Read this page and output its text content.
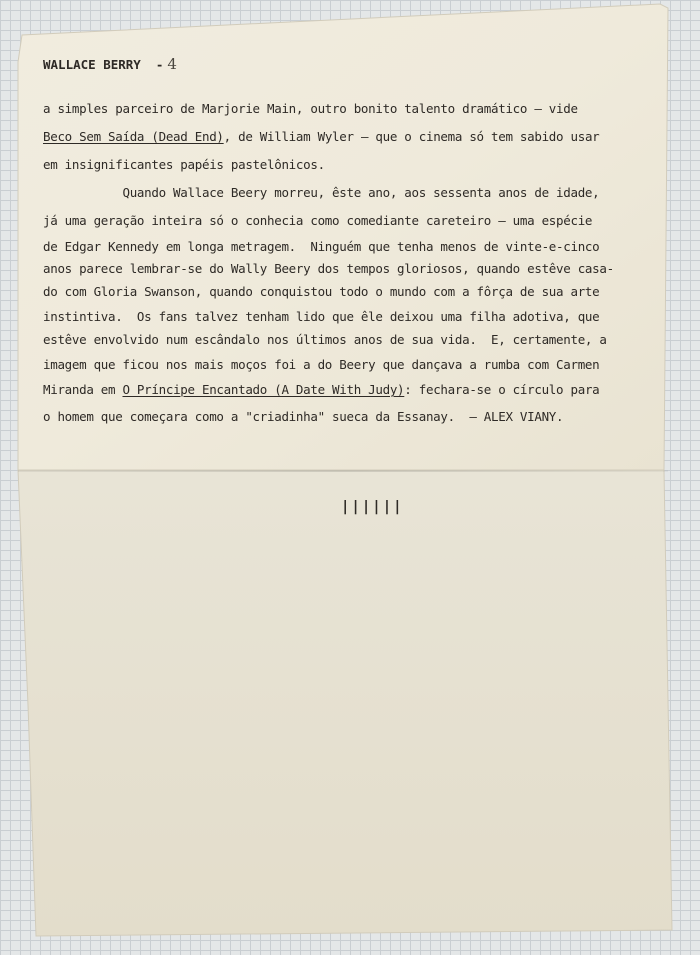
WALLACE BERRY  - 4
a simples parceiro de Marjorie Main, outro bonito talento dramático — vide
Beco Sem Saída (Dead End), de William Wyler — que o cinema só tem sabido usar
em insignificantes papéis pastelônicos.
Quando Wallace Beery morreu, êste ano, aos sessenta anos de idade,
já uma geração inteira só o conhecia como comediante careteiro — uma espécie
de Edgar Kennedy em longa metragem.  Ninguém que tenha menos de vinte-e-cinco
anos parece lembrar-se do Wally Beery dos tempos gloriosos, quando estêve casa-
do com Gloria Swanson, quando conquistou todo o mundo com a fôrça de sua arte
instintiva.  Os fans talvez tenham lido que êle deixou uma filha adotiva, que
estêve envolvido num escândalo nos últimos anos de sua vida.  E, certamente, a
imagem que ficou nos mais moços foi a do Beery que dançava a rumba com Carmen
Miranda em O Príncipe Encantado (A Date With Judy): fechara-se o círculo para
o homem que começara como a "criadinha" sueca da Essanay.  — ALEX VIANY.
||||||
